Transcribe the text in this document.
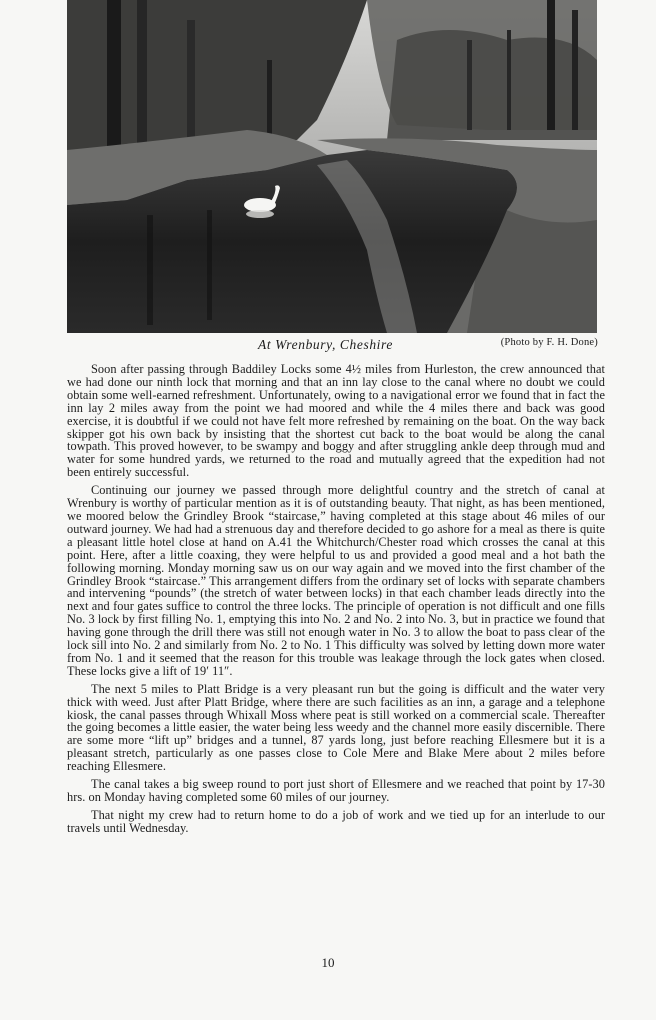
At Wrenbury, Cheshire	(Photo by F. H. Done)

Soon after passing through Baddiley Locks some 4½ miles from Hurleston, the crew announced that we had done our ninth lock that morning and that an inn lay close to the canal where no doubt we could obtain some well-earned refreshment. Unfortunately, owing to a navigational error we found that in fact the inn lay 2 miles away from the point we had moored and while the 4 miles there and back was good exercise, it is doubtful if we could not have felt more refreshed by remaining on the boat. On the way back skipper got his own back by insisting that the shortest cut back to the boat would be along the canal towpath. This proved however, to be swampy and boggy and after struggling ankle deep through mud and water for some hundred yards, we returned to the road and mutually agreed that the expedition had not been entirely successful.

Continuing our journey we passed through more delightful country and the stretch of canal at Wrenbury is worthy of particular mention as it is of outstanding beauty. That night, as has been mentioned, we moored below the Grindley Brook “staircase,” having completed at this stage about 46 miles of our outward journey. We had had a strenuous day and therefore decided to go ashore for a meal as there is quite a pleasant little hotel close at hand on A.41 the Whitchurch/Chester road which crosses the canal at this point. Here, after a little coaxing, they were helpful to us and provided a good meal and a hot bath the following morning. Monday morning saw us on our way again and we moved into the first chamber of the Grindley Brook “staircase.” This arrangement differs from the ordinary set of locks with separate chambers and intervening “pounds” (the stretch of water between locks) in that each chamber leads directly into the next and four gates suffice to control the three locks. The principle of operation is not difficult and one fills No. 3 lock by first filling No. 1, emptying this into No. 2 and No. 2 into No. 3, but in practice we found that having gone through the drill there was still not enough water in No. 3 to allow the boat to pass clear of the lock sill into No. 2 and similarly from No. 2 to No. 1 This difficulty was solved by letting down more water from No. 1 and it seemed that the reason for this trouble was leakage through the lock gates when closed. These locks give a lift of 19′ 11″.

The next 5 miles to Platt Bridge is a very pleasant run but the going is difficult and the water very thick with weed. Just after Platt Bridge, where there are such facilities as an inn, a garage and a telephone kiosk, the canal passes through Whixall Moss where peat is still worked on a commercial scale. Thereafter the going becomes a little easier, the water being less weedy and the channel more easily discernible. There are some more “lift up” bridges and a tunnel, 87 yards long, just before reaching Ellesmere but it is a pleasant stretch, particularly as one passes close to Cole Mere and Blake Mere about 2 miles before reaching Ellesmere.

The canal takes a big sweep round to port just short of Ellesmere and we reached that point by 17-30 hrs. on Monday having completed some 60 miles of our journey.

That night my crew had to return home to do a job of work and we tied up for an interlude to our travels until Wednesday.

10
